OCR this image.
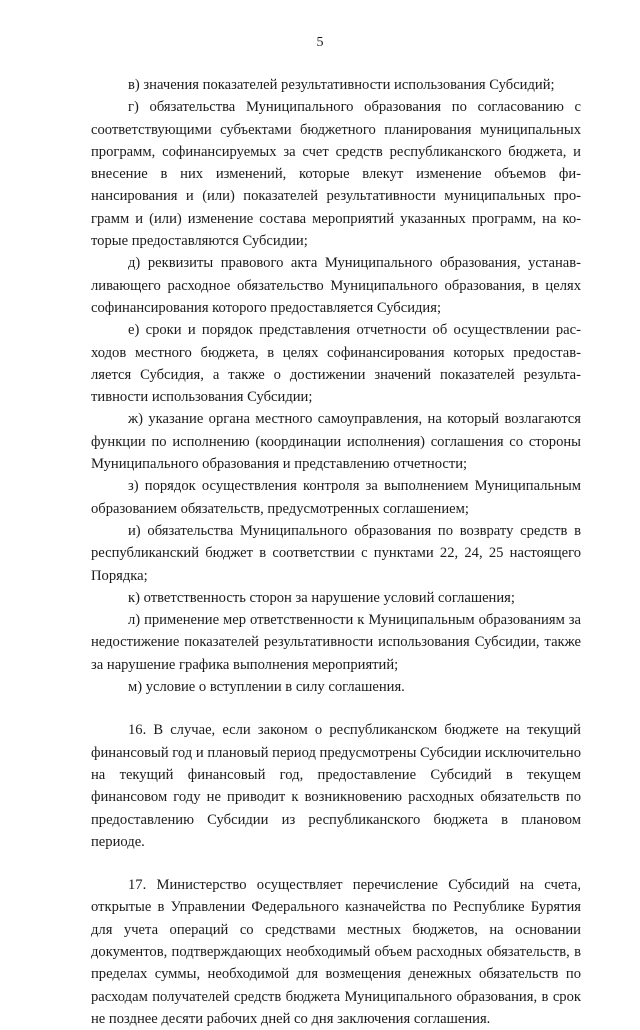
5

в) значения показателей результативности использования Субсидий;

г) обязательства Муниципального образования по согласованию с соответствующими субъектами бюджетного планирования муниципальных программ, софинансируемых за счет средств республиканского бюджета, и внесение в них изменений, которые влекут изменение объемов финансирования и (или) показателей результативности муниципальных программ и (или) изменение состава мероприятий указанных программ, на которые предоставляются Субсидии;

д) реквизиты правового акта Муниципального образования, устанавливающего расходное обязательство Муниципального образования, в целях софинансирования которого предоставляется Субсидия;

е) сроки и порядок представления отчетности об осуществлении расходов местного бюджета, в целях софинансирования которых предоставляется Субсидия, а также о достижении значений показателей результативности использования Субсидии;

ж) указание органа местного самоуправления, на который возлагаются функции по исполнению (координации исполнения) соглашения со стороны Муниципального образования и представлению отчетности;

з) порядок осуществления контроля за выполнением Муниципальным образованием обязательств, предусмотренных соглашением;

и) обязательства Муниципального образования по возврату средств в республиканский бюджет в соответствии с пунктами 22, 24, 25 настоящего Порядка;

к) ответственность сторон за нарушение условий соглашения;

л) применение мер ответственности к Муниципальным образованиям за недостижение показателей результативности использования Субсидии, также за нарушение графика выполнения мероприятий;

м) условие о вступлении в силу соглашения.

16. В случае, если законом о республиканском бюджете на текущий финансовый год и плановый период предусмотрены Субсидии исключительно на текущий финансовый год, предоставление Субсидий в текущем финансовом году не приводит к возникновению расходных обязательств по предоставлению Субсидии из республиканского бюджета в плановом периоде.

17. Министерство осуществляет перечисление Субсидий на счета, открытые в Управлении Федерального казначейства по Республике Бурятия для учета операций со средствами местных бюджетов, на основании документов, подтверждающих необходимый объем расходных обязательств, в пределах суммы, необходимой для возмещения денежных обязательств по расходам получателей средств бюджета Муниципального образования, в срок не позднее десяти рабочих дней со дня заключения соглашения.
